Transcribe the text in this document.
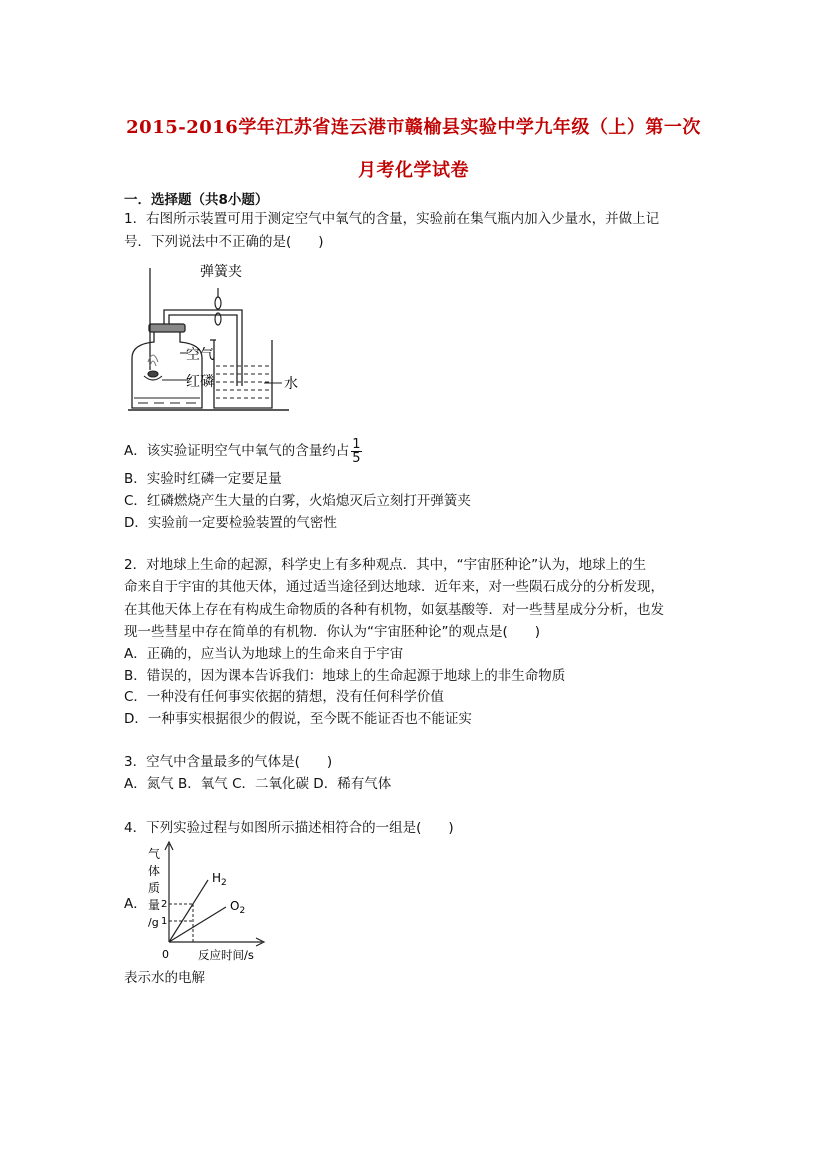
2015-2016学年江苏省连云港市赣榆县实验中学九年级（上）第一次
月考化学试卷
一．选择题（共8小题）
1．右图所示装置可用于测定空气中氧气的含量，实验前在集气瓶内加入少量水，并做上记
号．下列说法中不正确的是(　　)
弹簧夹
空气
红磷	水
A．该实验证明空气中氧气的含量约占 $\frac{1}{5}$
B．实验时红磷一定要足量
C．红磷燃烧产生大量的白雾，火焰熄灭后立刻打开弹簧夹
D．实验前一定要检验装置的气密性
2．对地球上生命的起源，科学史上有多种观点．其中，“宇宙胚种论”认为，地球上的生
命来自于宇宙的其他天体，通过适当途径到达地球．近年来，对一些陨石成分的分析发现，
在其他天体上存在有构成生命物质的各种有机物，如氨基酸等．对一些彗星成分分析，也发
现一些彗星中存在简单的有机物．你认为“宇宙胚种论”的观点是(　　)
A．正确的，应当认为地球上的生命来自于宇宙
B．错误的，因为课本告诉我们：地球上的生命起源于地球上的非生命物质
C．一种没有任何事实依据的猜想，没有任何科学价值
D．一种事实根据很少的假说，至今既不能证否也不能证实
3．空气中含量最多的气体是(　　)
A．氮气 B．氧气 C．二氧化碳 D．稀有气体
4．下列实验过程与如图所示描述相符合的一组是(　　)
A．
气
体
质
量
/g
2
1
0
$H_2$
$O_2$
反应时间/s
表示水的电解
